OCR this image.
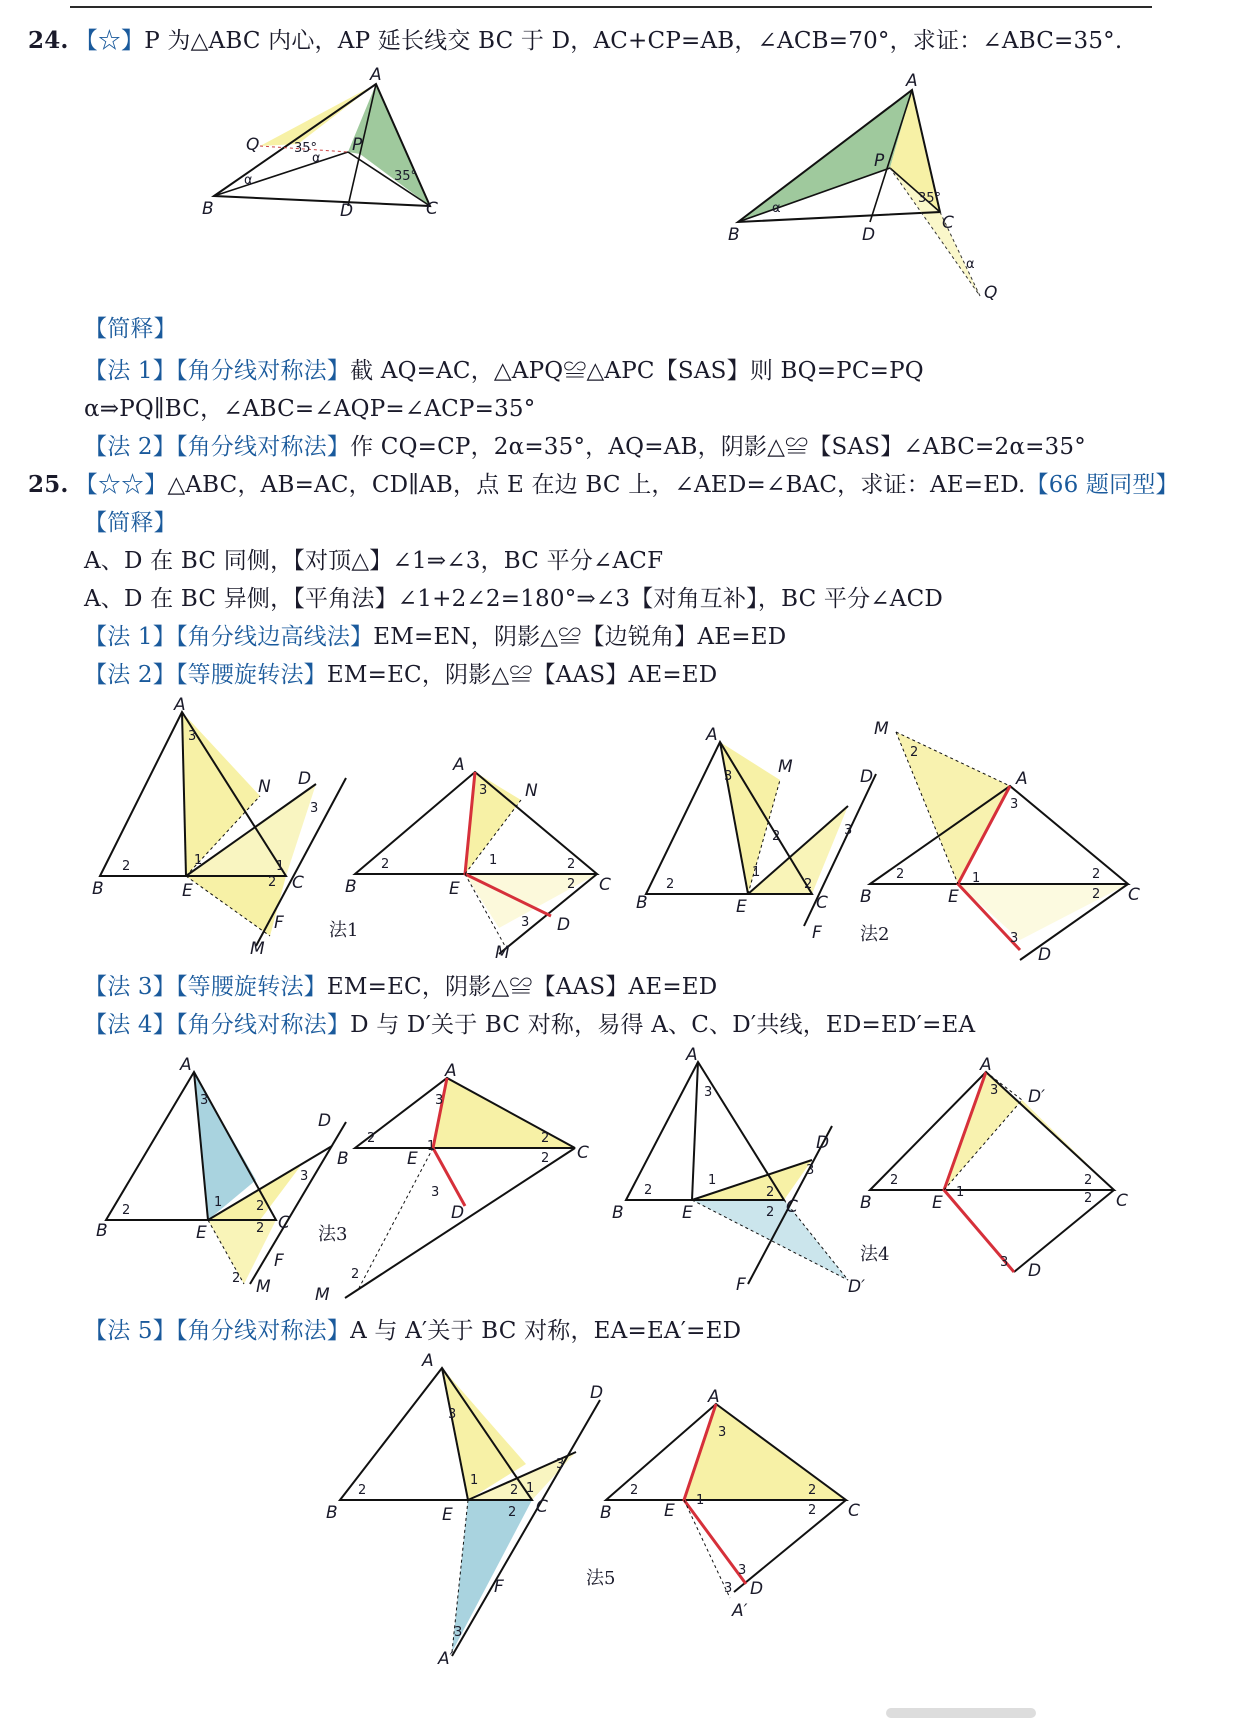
24. 【☆】P 为△ABC 内心，AP 延长线交 BC 于 D，AC+CP=AB，∠ACB=70°，求证：∠ABC=35°.
A
B	C
D
P
Q	35°
35°
α
α
A
B
C
D
P
Q
35°
α
α
【简释】
【法 1】【角分线对称法】截 AQ=AC，△APQ≌△APC【SAS】则 BQ=PC=PQ
α⇒PQ∥BC，∠ABC=∠AQP=∠ACP=35°
【法 2】【角分线对称法】作 CQ=CP，2α=35°，AQ=AB，阴影△≌【SAS】∠ABC=2α=35°
25. 【☆☆】△ABC，AB=AC，CD∥AB，点 E 在边 BC 上，∠AED=∠BAC，求证：AE=ED.【66 题同型】
【简释】
A、D 在 BC 同侧，【对顶△】∠1⇒∠3，BC 平分∠ACF
A、D 在 BC 异侧，【平角法】∠1+2∠2=180°⇒∠3【对角互补】，BC 平分∠ACD
【法 1】【角分线边高线法】EM=EN，阴影△≌【边锐角】AE=ED
【法 2】【等腰旋转法】EM=EC，阴影△≌【AAS】AE=ED
A
B	E	C
D
N
F
M
3
2	1	1
2
3
A
B	E	C
D
N
M
3
2	1	2
2
3
法1
A
B	E	C
D
M
F
3
2
2
1
2
3
M
A
B	E	C
D
2
3
2	1	2
2
3
法2
【法 3】【等腰旋转法】EM=EC，阴影△≌【AAS】AE=ED
【法 4】【角分线对称法】D 与 D′关于 BC 对称，易得 A、C、D′共线，ED=ED′=EA
A
B	E	C
D
F
M
3
2
1	2
2
3
2
法3
A
B	E	C
D
M
3
2
1
2
2
3
2
A
B	E	C
D
F	D′
3
2
1
2
2
3
A
B	E	C
D′
D
3
2
1
2
2
3
法4
【法 5】【角分线对称法】A 与 A′关于 BC 对称，EA=EA′=ED
A
B	E	C
D
F
A′
3
2
1
2 1
2
3
3
A
B	E	C
D
A′
3
2
1
2
2
3
3
法5
